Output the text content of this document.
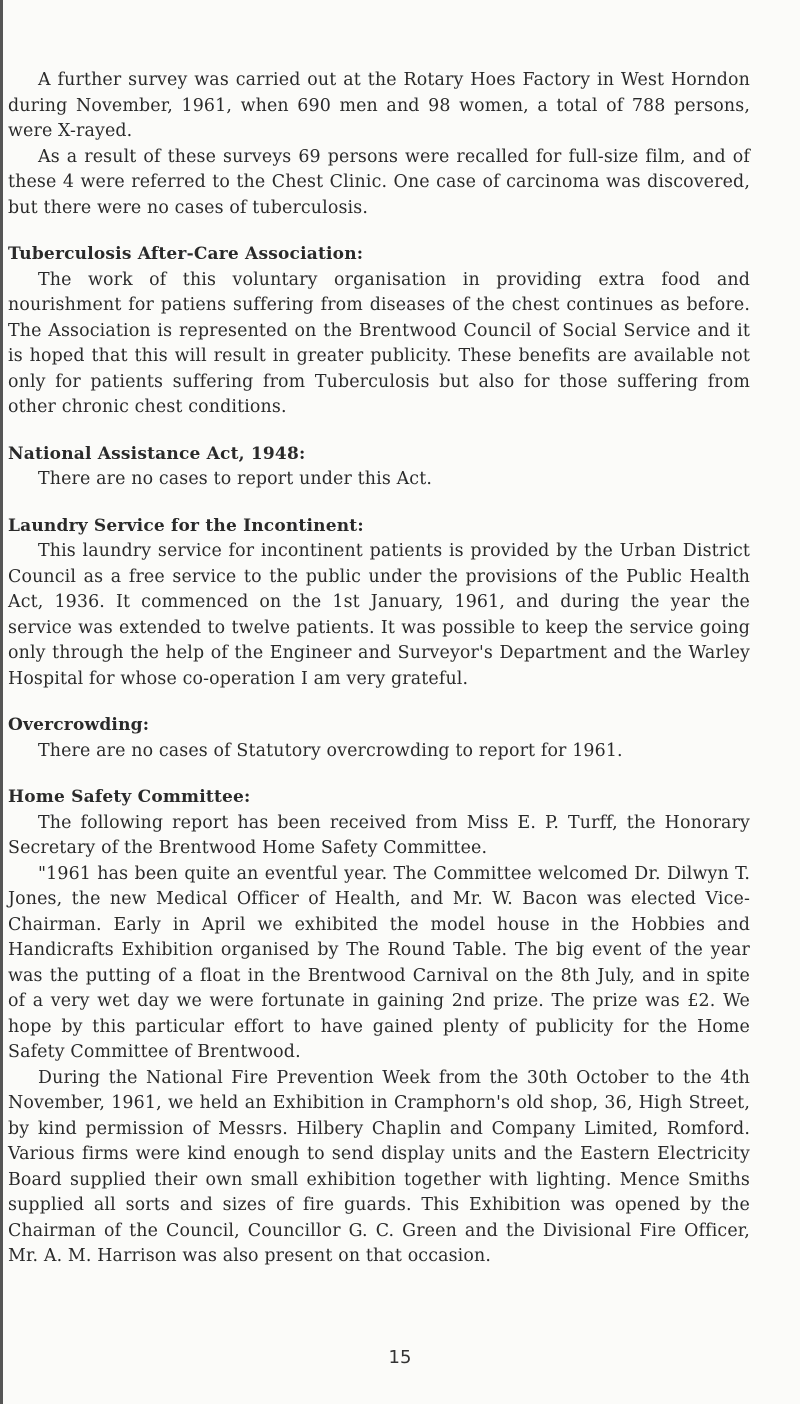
A further survey was carried out at the Rotary Hoes Factory in West Horndon during November, 1961, when 690 men and 98 women, a total of 788 persons, were X-rayed.

As a result of these surveys 69 persons were recalled for full-size film, and of these 4 were referred to the Chest Clinic. One case of carcinoma was discovered, but there were no cases of tuberculosis.

Tuberculosis After-Care Association:

The work of this voluntary organisation in providing extra food and nourishment for patiens suffering from diseases of the chest continues as before. The Association is represented on the Brentwood Council of Social Service and it is hoped that this will result in greater publicity. These benefits are available not only for patients suffering from Tuberculosis but also for those suffering from other chronic chest conditions.

National Assistance Act, 1948:

There are no cases to report under this Act.

Laundry Service for the Incontinent:

This laundry service for incontinent patients is provided by the Urban District Council as a free service to the public under the provisions of the Public Health Act, 1936. It commenced on the 1st January, 1961, and during the year the service was extended to twelve patients. It was possible to keep the service going only through the help of the Engineer and Surveyor's Department and the Warley Hospital for whose co-operation I am very grateful.

Overcrowding:

There are no cases of Statutory overcrowding to report for 1961.

Home Safety Committee:

The following report has been received from Miss E. P. Turff, the Honorary Secretary of the Brentwood Home Safety Committee.

"1961 has been quite an eventful year. The Committee welcomed Dr. Dilwyn T. Jones, the new Medical Officer of Health, and Mr. W. Bacon was elected Vice-Chairman. Early in April we exhibited the model house in the Hobbies and Handicrafts Exhibition organised by The Round Table. The big event of the year was the putting of a float in the Brentwood Carnival on the 8th July, and in spite of a very wet day we were fortunate in gaining 2nd prize. The prize was £2. We hope by this particular effort to have gained plenty of publicity for the Home Safety Committee of Brentwood.

During the National Fire Prevention Week from the 30th October to the 4th November, 1961, we held an Exhibition in Cramphorn's old shop, 36, High Street, by kind permission of Messrs. Hilbery Chaplin and Company Limited, Romford. Various firms were kind enough to send display units and the Eastern Electricity Board supplied their own small exhibition together with lighting. Mence Smiths supplied all sorts and sizes of fire guards. This Exhibition was opened by the Chairman of the Council, Councillor G. C. Green and the Divisional Fire Officer, Mr. A. M. Harrison was also present on that occasion.

15
